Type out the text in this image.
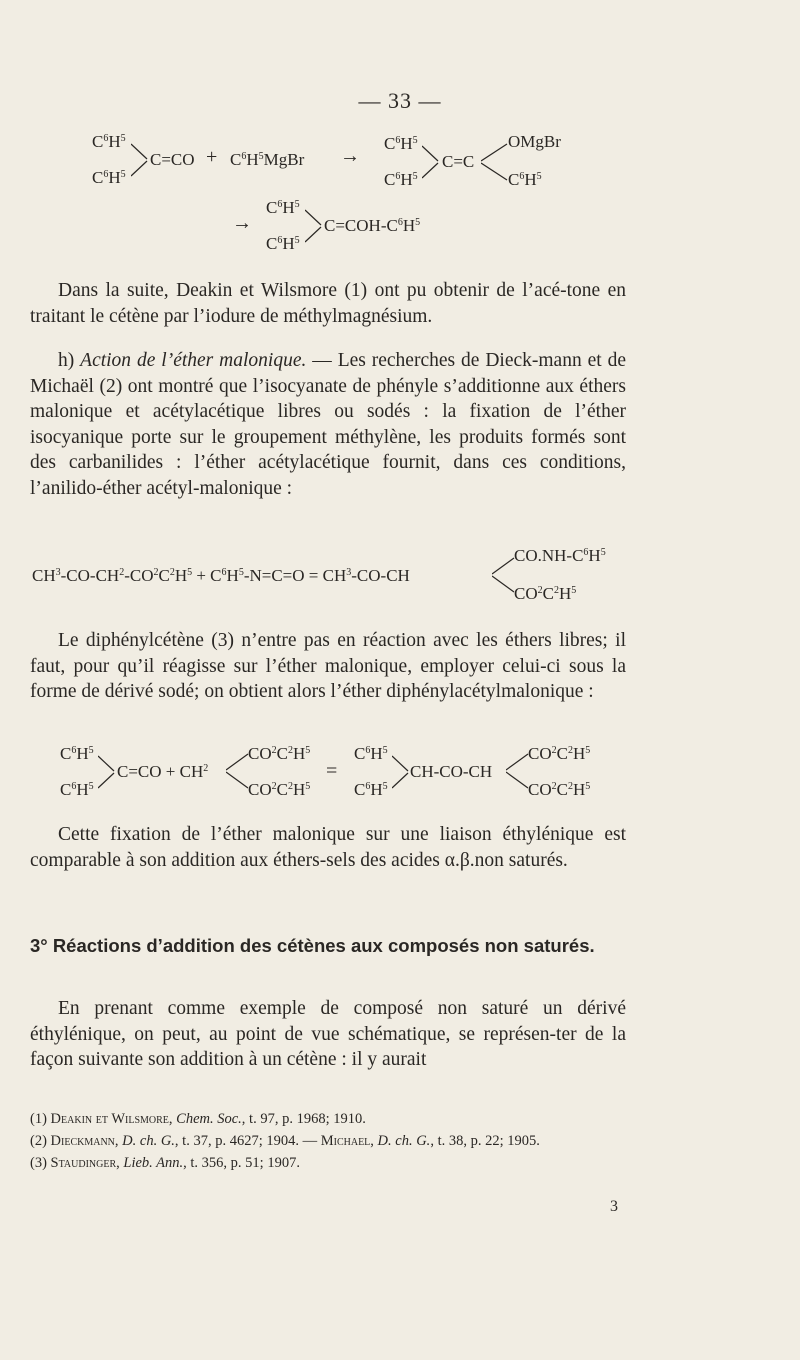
— 33 —
$C^6H^5$
$C^6H^5$
$C=CO + C^6H^5MgBr$ →
$C^6H^5$
$C^6H^5$
C=C
OMgBr
$C^6H^5$
→
$C^6H^5$
$C^6H^5$
$C=COH-C^6H^5$

Dans la suite, Deakin et Wilsmore (1) ont pu obtenir de l’acé-tone en traitant le cétène par l’iodure de méthylmagnésium.

h) Action de l’éther malonique. — Les recherches de Dieck-mann et de Michaël (2) ont montré que l’isocyanate de phényle s’additionne aux éthers malonique et acétylacétique libres ou sodés : la fixation de l’éther isocyanique porte sur le groupement méthylène, les produits formés sont des carbanilides : l’éther acétylacétique fournit, dans ces conditions, l’anilido-éther acétyl-malonique :

$CH^3-CO-CH^2-CO^2C^2H^5 + C^6H^5-N=C=O = CH^3-CO-CH$
$CO.NH-C^6H^5$
$CO^2C^2H^5$

Le diphénylcétène (3) n’entre pas en réaction avec les éthers libres; il faut, pour qu’il réagisse sur l’éther malonique, employer celui-ci sous la forme de dérivé sodé; on obtient alors l’éther diphénylacétylmalonique :

$C^6H^5$
$C^6H^5$
$C=CO + CH^2$
$CO^2C^2H^5$
$CO^2C^2H^5$
=
$C^6H^5$
$C^6H^5$
CH-CO-CH
$CO^2C^2H^5$
$CO^2C^2H^5$

Cette fixation de l’éther malonique sur une liaison éthylénique est comparable à son addition aux éthers-sels des acides α.β.non saturés.

3° Réactions d’addition des cétènes aux composés non saturés.

En prenant comme exemple de composé non saturé un dérivé éthylénique, on peut, au point de vue schématique, se représen-ter de la façon suivante son addition à un cétène : il y aurait

(1) Deakin et Wilsmore, Chem. Soc., t. 97, p. 1968; 1910.

(2) Dieckmann, D. ch. G., t. 37, p. 4627; 1904. — Michael, D. ch. G., t. 38, p. 22; 1905.

(3) Staudinger, Lieb. Ann., t. 356, p. 51; 1907.

3
